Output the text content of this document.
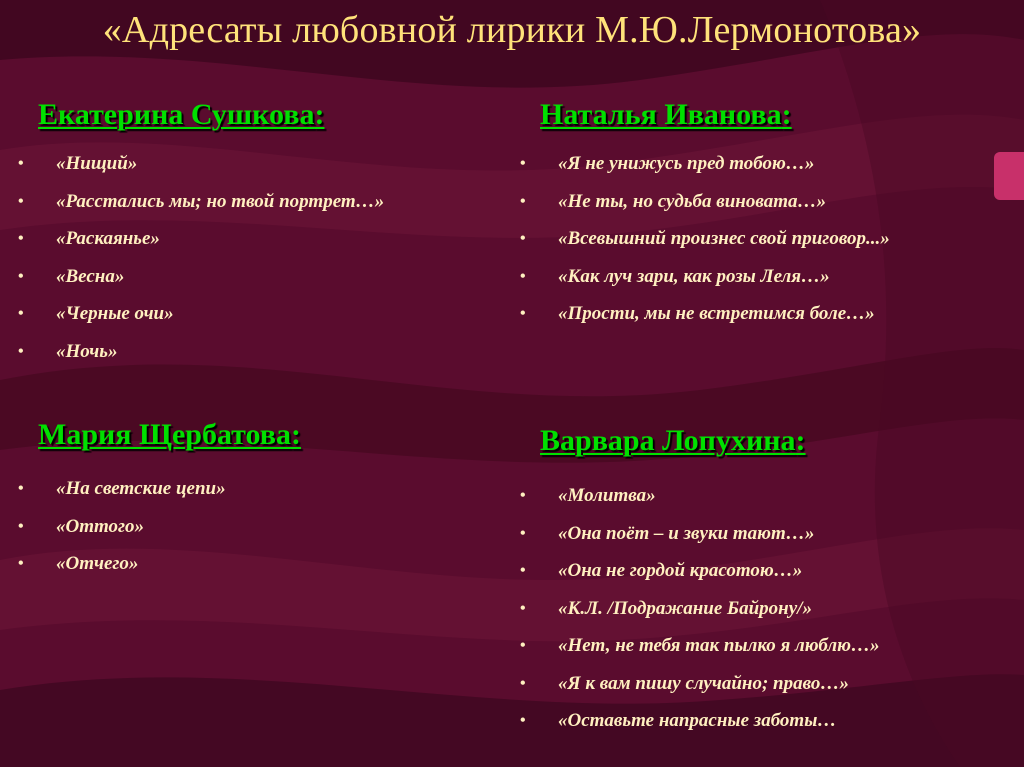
«Адресаты любовной лирики М.Ю.Лермонотова»
Екатерина Сушкова:
• «Нищий»
• «Расстались мы; но твой портрет…»
• «Раскаянье»
• «Весна»
• «Черные очи»
• «Ночь»
Наталья Иванова:
• «Я не унижусь пред тобою…»
• «Не ты, но судьба виновата…»
• «Всевышний произнес свой приговор...»
• «Как луч зари, как розы Леля…»
• «Прости, мы не встретимся боле…»
Мария Щербатова:
• «На светские цепи»
• «Оттого»
• «Отчего»
Варвара Лопухина:
• «Молитва»
• «Она поёт – и звуки тают…»
• «Она не гордой красотою…»
• «К.Л. /Подражание Байрону/»
• «Нет, не тебя так пылко я люблю…»
• «Я к вам пишу случайно; право…»
• «Оставьте напрасные заботы…
